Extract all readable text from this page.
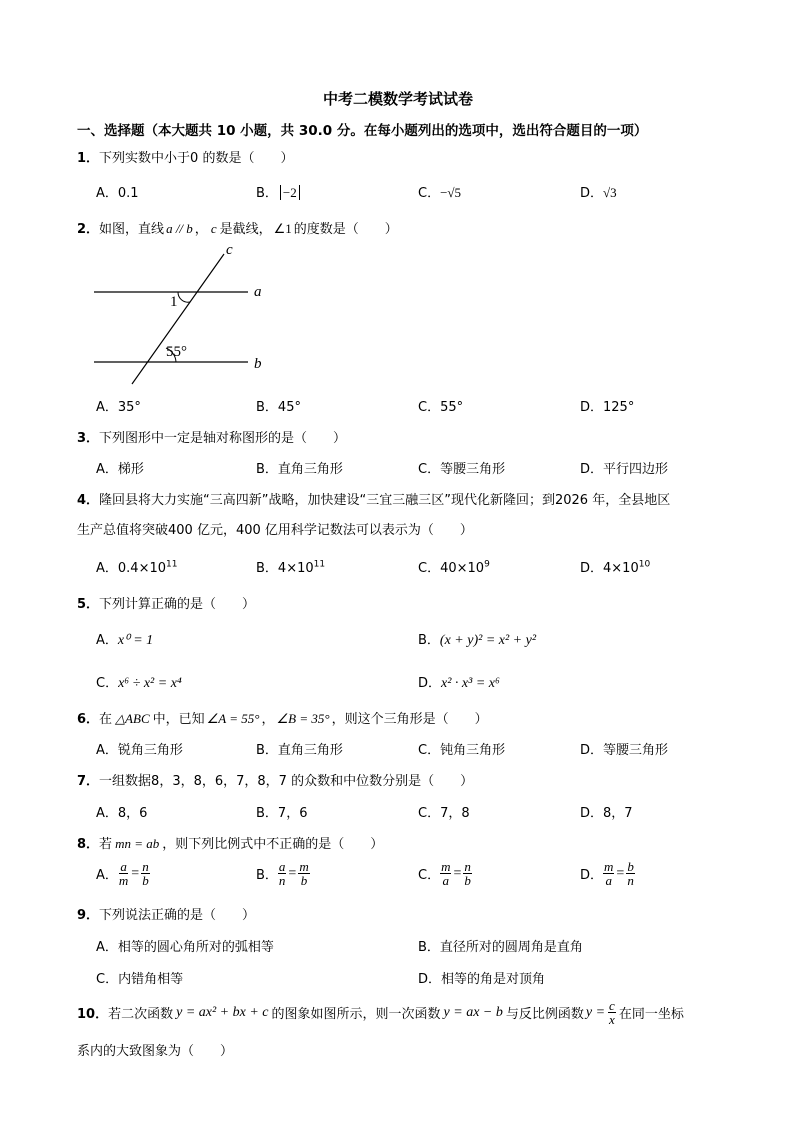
中考二模数学考试试卷
一、选择题（本大题共 10 小题，共 30.0 分。在每小题列出的选项中，选出符合题目的一项）
1．下列实数中小于0 的数是（　　）
A．0.1	B． −2	C．−√5	D．√3
2．如图，直线 a // b ， c 是截线， ∠1 的度数是（　　）
c
a
b
1
55°
A．35°	B．45°	C．55°	D．125°
3．下列图形中一定是轴对称图形的是（　　）
A．梯形	B．直角三角形	C．等腰三角形	D．平行四边形
4．隆回县将大力实施“三高四新”战略，加快建设“三宜三融三区”现代化新隆回；到2026 年，全县地区
生产总值将突破400 亿元，400 亿用科学记数法可以表示为（　　）
A．$0.4\times 10^{11}$	B．$4\times 10^{11}$	C．$40\times 10^9$	D．$4\times 10^{10}$
5．下列计算正确的是（　　）
A．x⁰ = 1	B．(x + y)² = x² + y²
C．x⁶ ÷ x² = x⁴	D．x² · x³ = x⁶
6．在 △ABC 中，已知 ∠A = 55° ， ∠B = 35° ，则这个三角形是（　　）
A．锐角三角形	B．直角三角形	C．钝角三角形	D．等腰三角形
7．一组数据8，3，8，6，7，8，7 的众数和中位数分别是（　　）
A．8，6	B．7，6	C．7，8	D．8，7
8．若 mn = ab ，则下列比例式中不正确的是（　　）
A． $\frac{a}{m} = \frac{n}{b}$	B． $\frac{a}{n} = \frac{m}{b}$	C． $\frac{m}{a} = \frac{n}{b}$	D． $\frac{m}{a} = \frac{b}{n}$
9．下列说法正确的是（　　）
A．相等的圆心角所对的弧相等	B．直径所对的圆周角是直角
C．内错角相等	D．相等的角是对顶角
10． 若二次函数 y = ax² + bx + c 的图象如图所示，则一次函数 y = ax − b 与反比例函数 $y = \frac{c}{x}$ 在同一坐标
系内的大致图象为（　　）
